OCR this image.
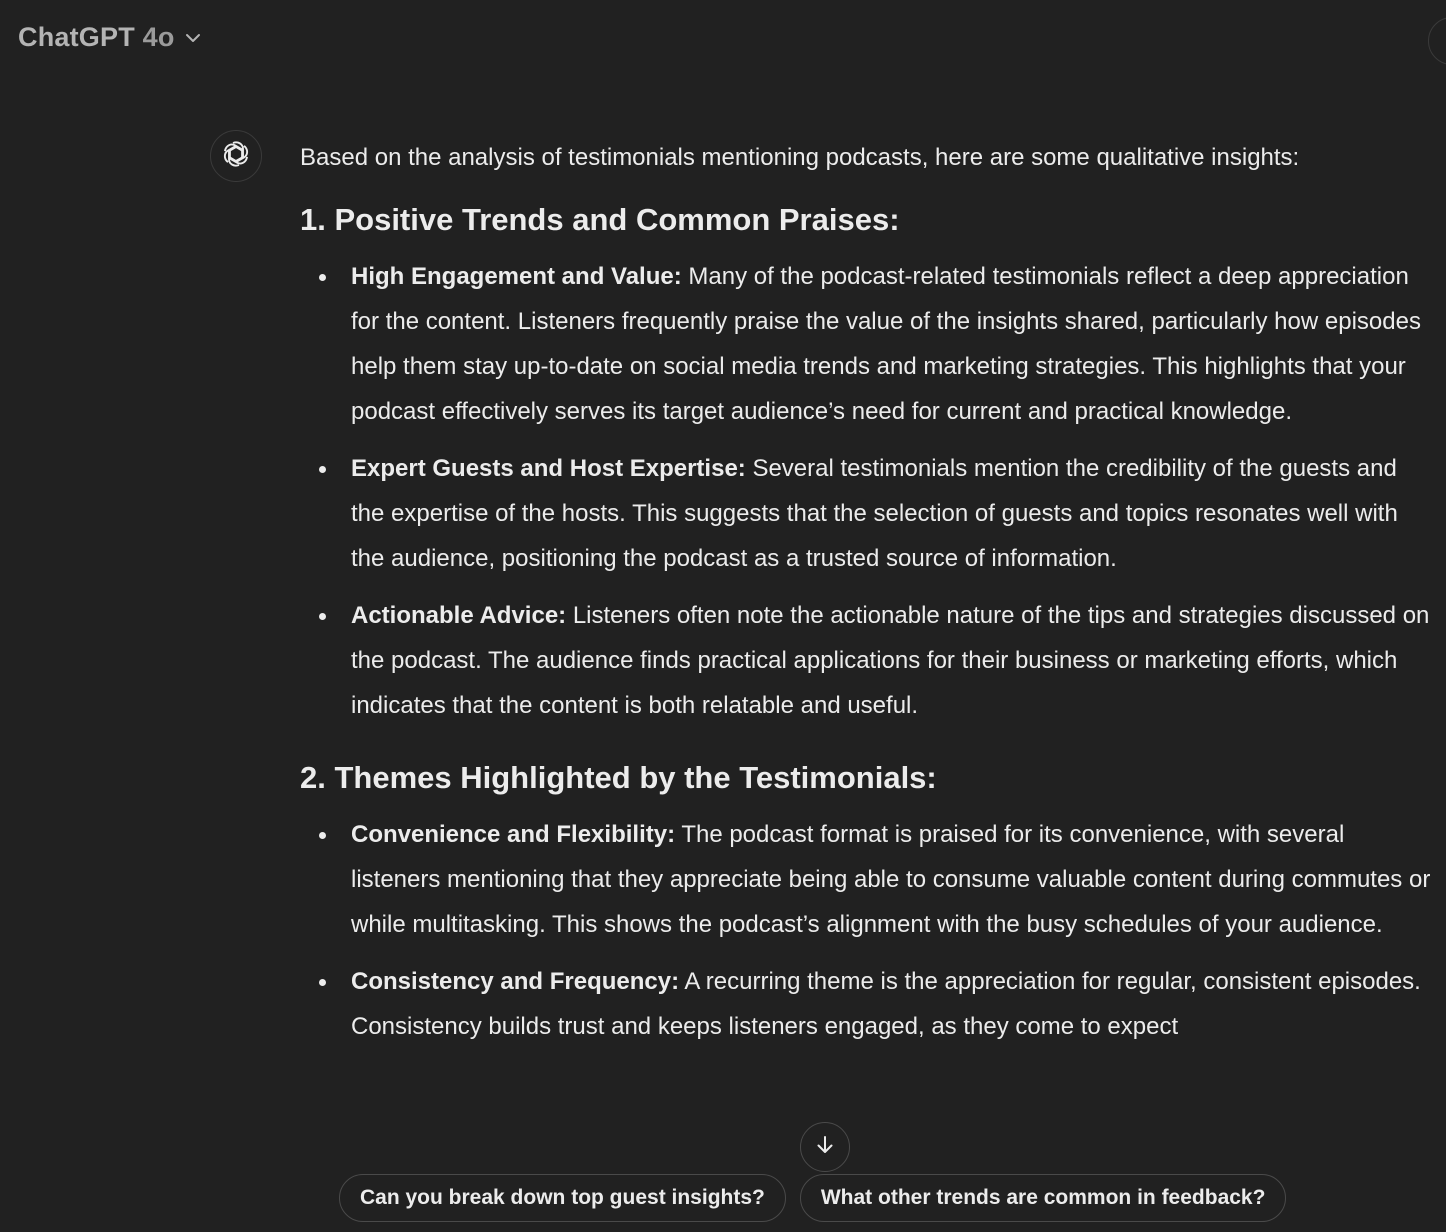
ChatGPT 4o

Based on the analysis of testimonials mentioning podcasts, here are some qualitative insights:

1. Positive Trends and Common Praises:
High Engagement and Value: Many of the podcast-related testimonials reflect a deep appreciation for the content. Listeners frequently praise the value of the insights shared, particularly how episodes help them stay up-to-date on social media trends and marketing strategies. This highlights that your podcast effectively serves its target audience’s need for current and practical knowledge.
Expert Guests and Host Expertise: Several testimonials mention the credibility of the guests and the expertise of the hosts. This suggests that the selection of guests and topics resonates well with the audience, positioning the podcast as a trusted source of information.
Actionable Advice: Listeners often note the actionable nature of the tips and strategies discussed on the podcast. The audience finds practical applications for their business or marketing efforts, which indicates that the content is both relatable and useful.
2. Themes Highlighted by the Testimonials:
Convenience and Flexibility: The podcast format is praised for its convenience, with several listeners mentioning that they appreciate being able to consume valuable content during commutes or while multitasking. This shows the podcast’s alignment with the busy schedules of your audience.
Consistency and Frequency: A recurring theme is the appreciation for regular, consistent episodes. Consistency builds trust and keeps listeners engaged, as they come to expect
Can you break down top guest insights?	What other trends are common in feedback?
